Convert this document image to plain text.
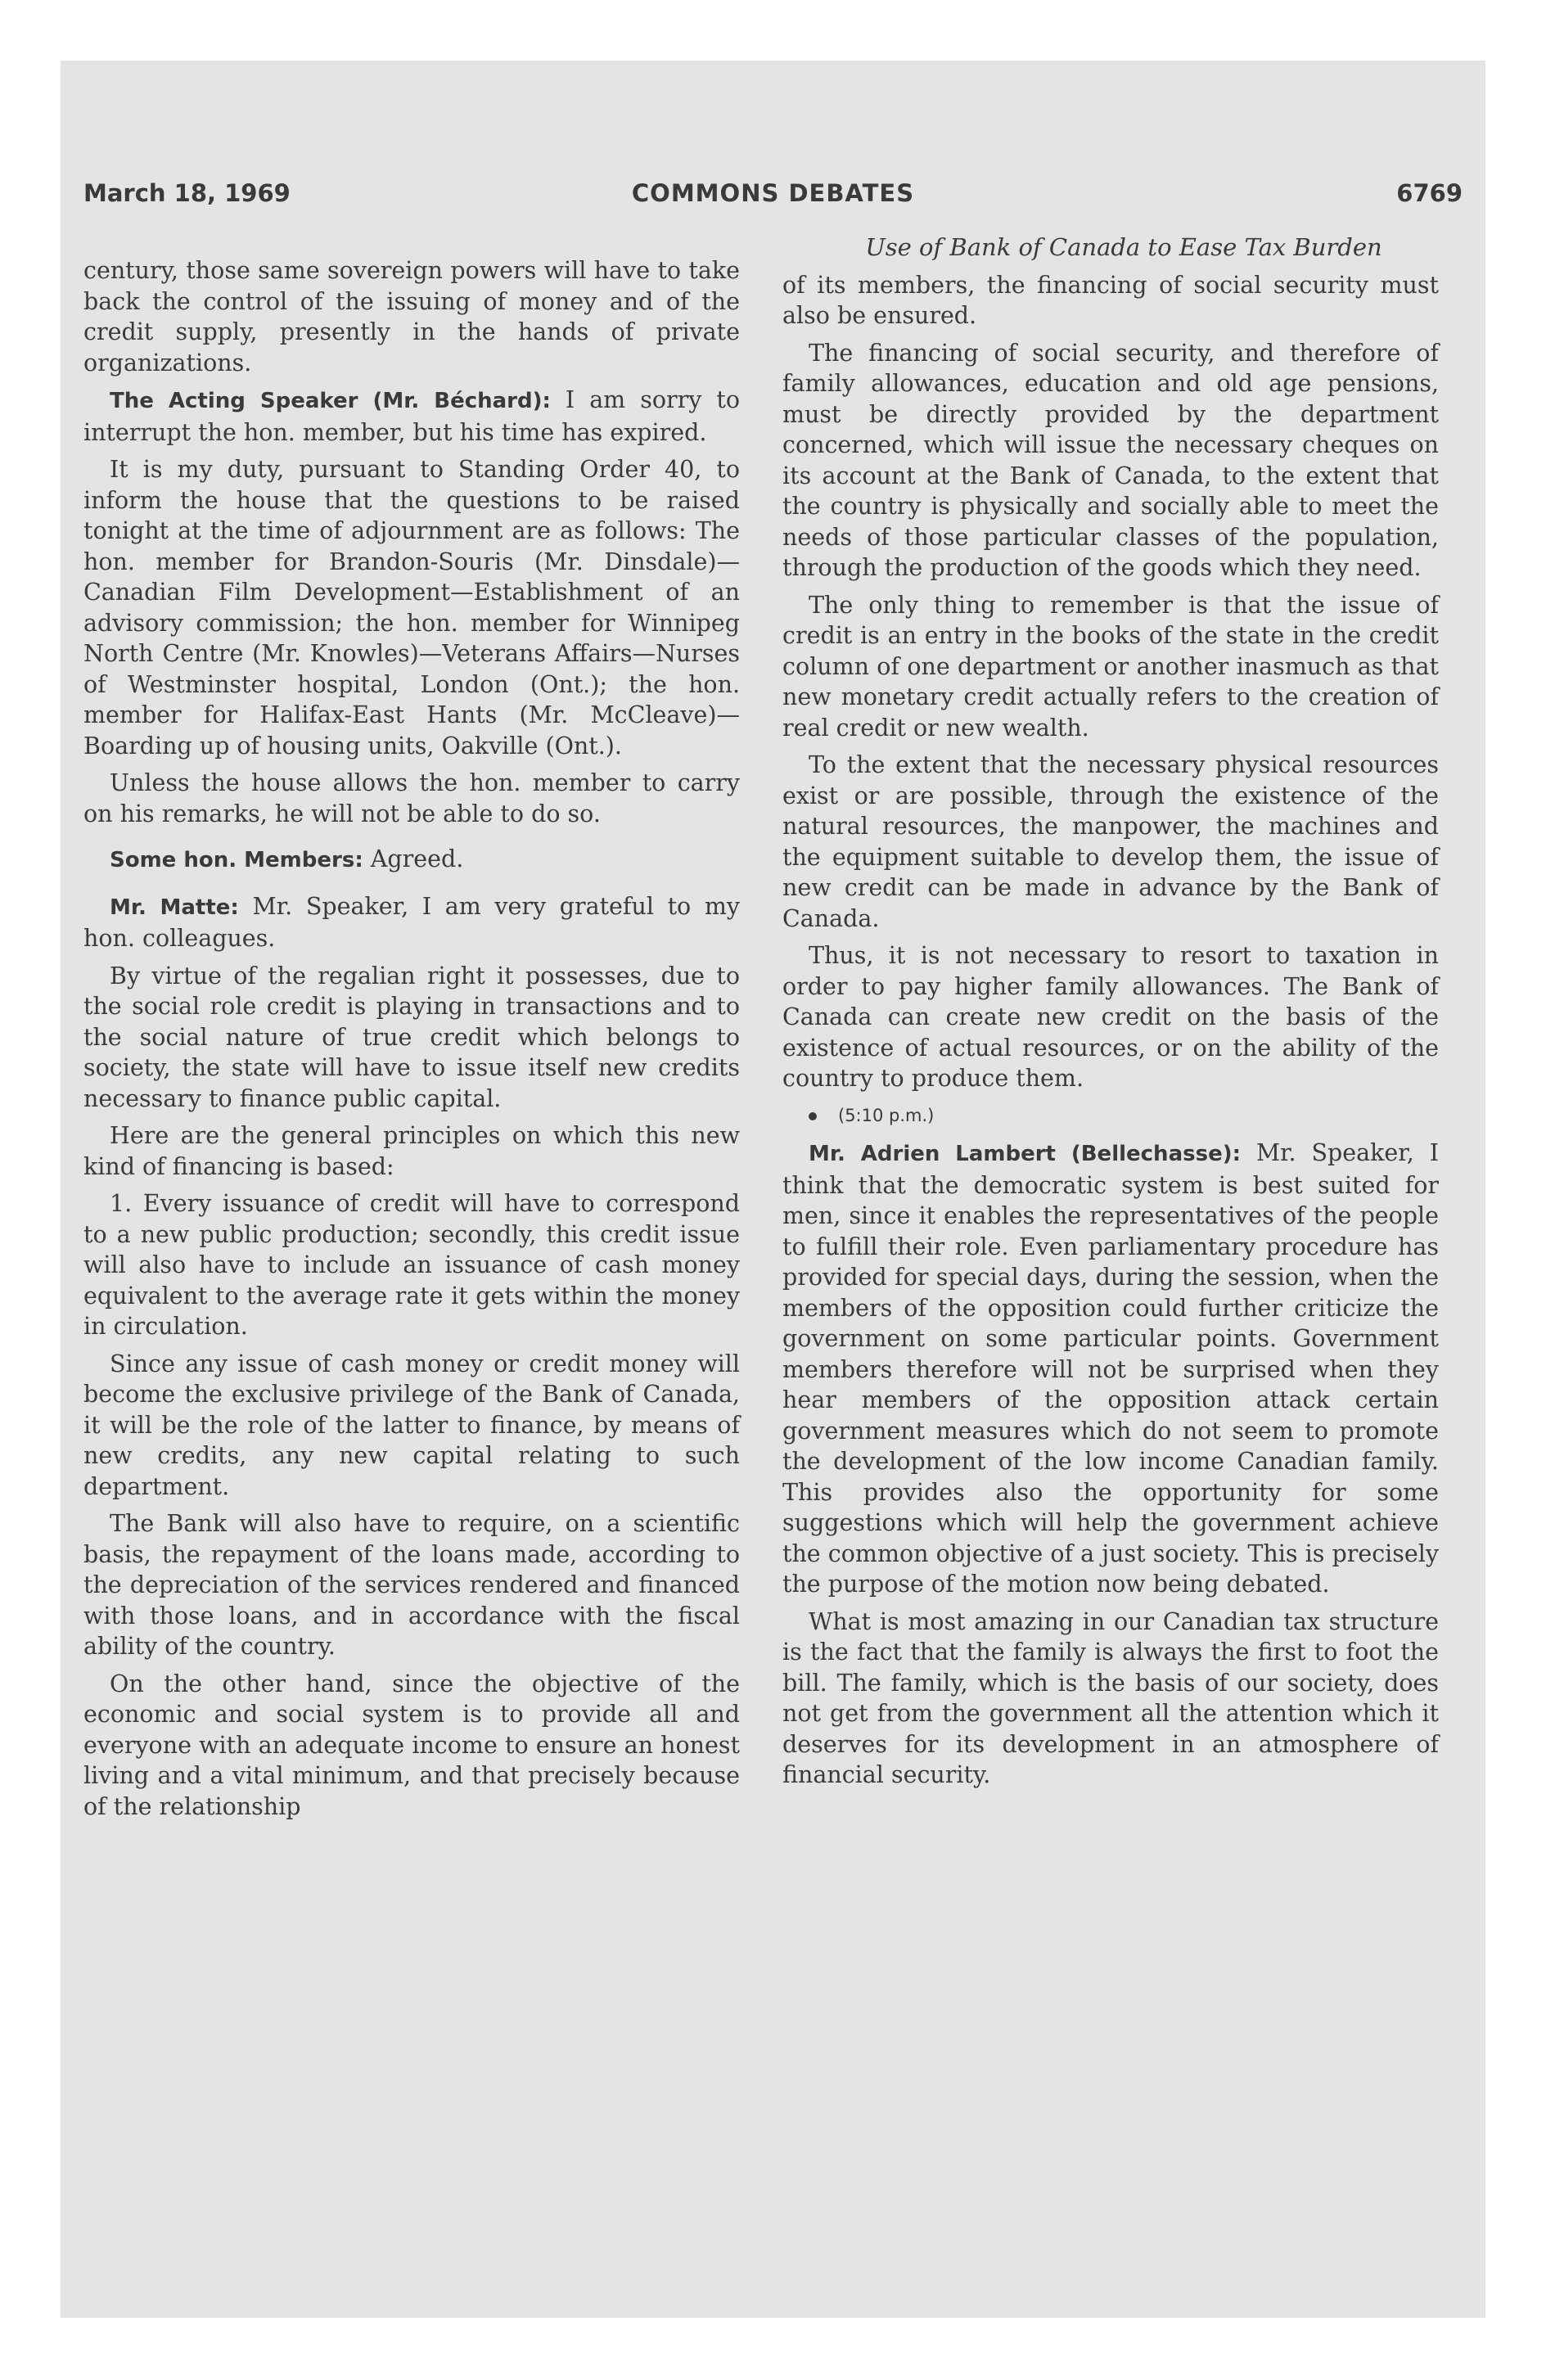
COMMONS DEBATES
March 18, 1969	6769

century, those same sovereign powers will have to take back the control of the issuing of money and of the credit supply, presently in the hands of private organizations.

The Acting Speaker (Mr. Béchard): I am sorry to interrupt the hon. member, but his time has expired.

It is my duty, pursuant to Standing Order 40, to inform the house that the questions to be raised tonight at the time of adjournment are as follows: The hon. member for Brandon-Souris (Mr. Dinsdale)—Canadian Film Development—Establishment of an advisory commission; the hon. member for Winnipeg North Centre (Mr. Knowles)—Veterans Affairs—Nurses of Westminster hospital, London (Ont.); the hon. member for Halifax-East Hants (Mr. McCleave)—Boarding up of housing units, Oakville (Ont.).

Unless the house allows the hon. member to carry on his remarks, he will not be able to do so.

Some hon. Members: Agreed.

Mr. Matte: Mr. Speaker, I am very grateful to my hon. colleagues.

By virtue of the regalian right it possesses, due to the social role credit is playing in transactions and to the social nature of true credit which belongs to society, the state will have to issue itself new credits necessary to finance public capital.

Here are the general principles on which this new kind of financing is based:

1. Every issuance of credit will have to correspond to a new public production; secondly, this credit issue will also have to include an issuance of cash money equivalent to the average rate it gets within the money in circulation.

Since any issue of cash money or credit money will become the exclusive privilege of the Bank of Canada, it will be the role of the latter to finance, by means of new credits, any new capital relating to such department.

The Bank will also have to require, on a scientific basis, the repayment of the loans made, according to the depreciation of the services rendered and financed with those loans, and in accordance with the fiscal ability of the country.

On the other hand, since the objective of the economic and social system is to provide all and everyone with an adequate income to ensure an honest living and a vital minimum, and that precisely because of the relationship

Use of Bank of Canada to Ease Tax Burden

of its members, the financing of social security must also be ensured.

The financing of social security, and therefore of family allowances, education and old age pensions, must be directly provided by the department concerned, which will issue the necessary cheques on its account at the Bank of Canada, to the extent that the country is physically and socially able to meet the needs of those particular classes of the population, through the production of the goods which they need.

The only thing to remember is that the issue of credit is an entry in the books of the state in the credit column of one department or another inasmuch as that new monetary credit actually refers to the creation of real credit or new wealth.

To the extent that the necessary physical resources exist or are possible, through the existence of the natural resources, the manpower, the machines and the equipment suitable to develop them, the issue of new credit can be made in advance by the Bank of Canada.

Thus, it is not necessary to resort to taxation in order to pay higher family allowances. The Bank of Canada can create new credit on the basis of the existence of actual resources, or on the ability of the country to produce them.

(5:10 p.m.)

Mr. Adrien Lambert (Bellechasse): Mr. Speaker, I think that the democratic system is best suited for men, since it enables the representatives of the people to fulfill their role. Even parliamentary procedure has provided for special days, during the session, when the members of the opposition could further criticize the government on some particular points. Government members therefore will not be surprised when they hear members of the opposition attack certain government measures which do not seem to promote the development of the low income Canadian family. This provides also the opportunity for some suggestions which will help the government achieve the common objective of a just society. This is precisely the purpose of the motion now being debated.

What is most amazing in our Canadian tax structure is the fact that the family is always the first to foot the bill. The family, which is the basis of our society, does not get from the government all the attention which it deserves for its development in an atmosphere of financial security.
